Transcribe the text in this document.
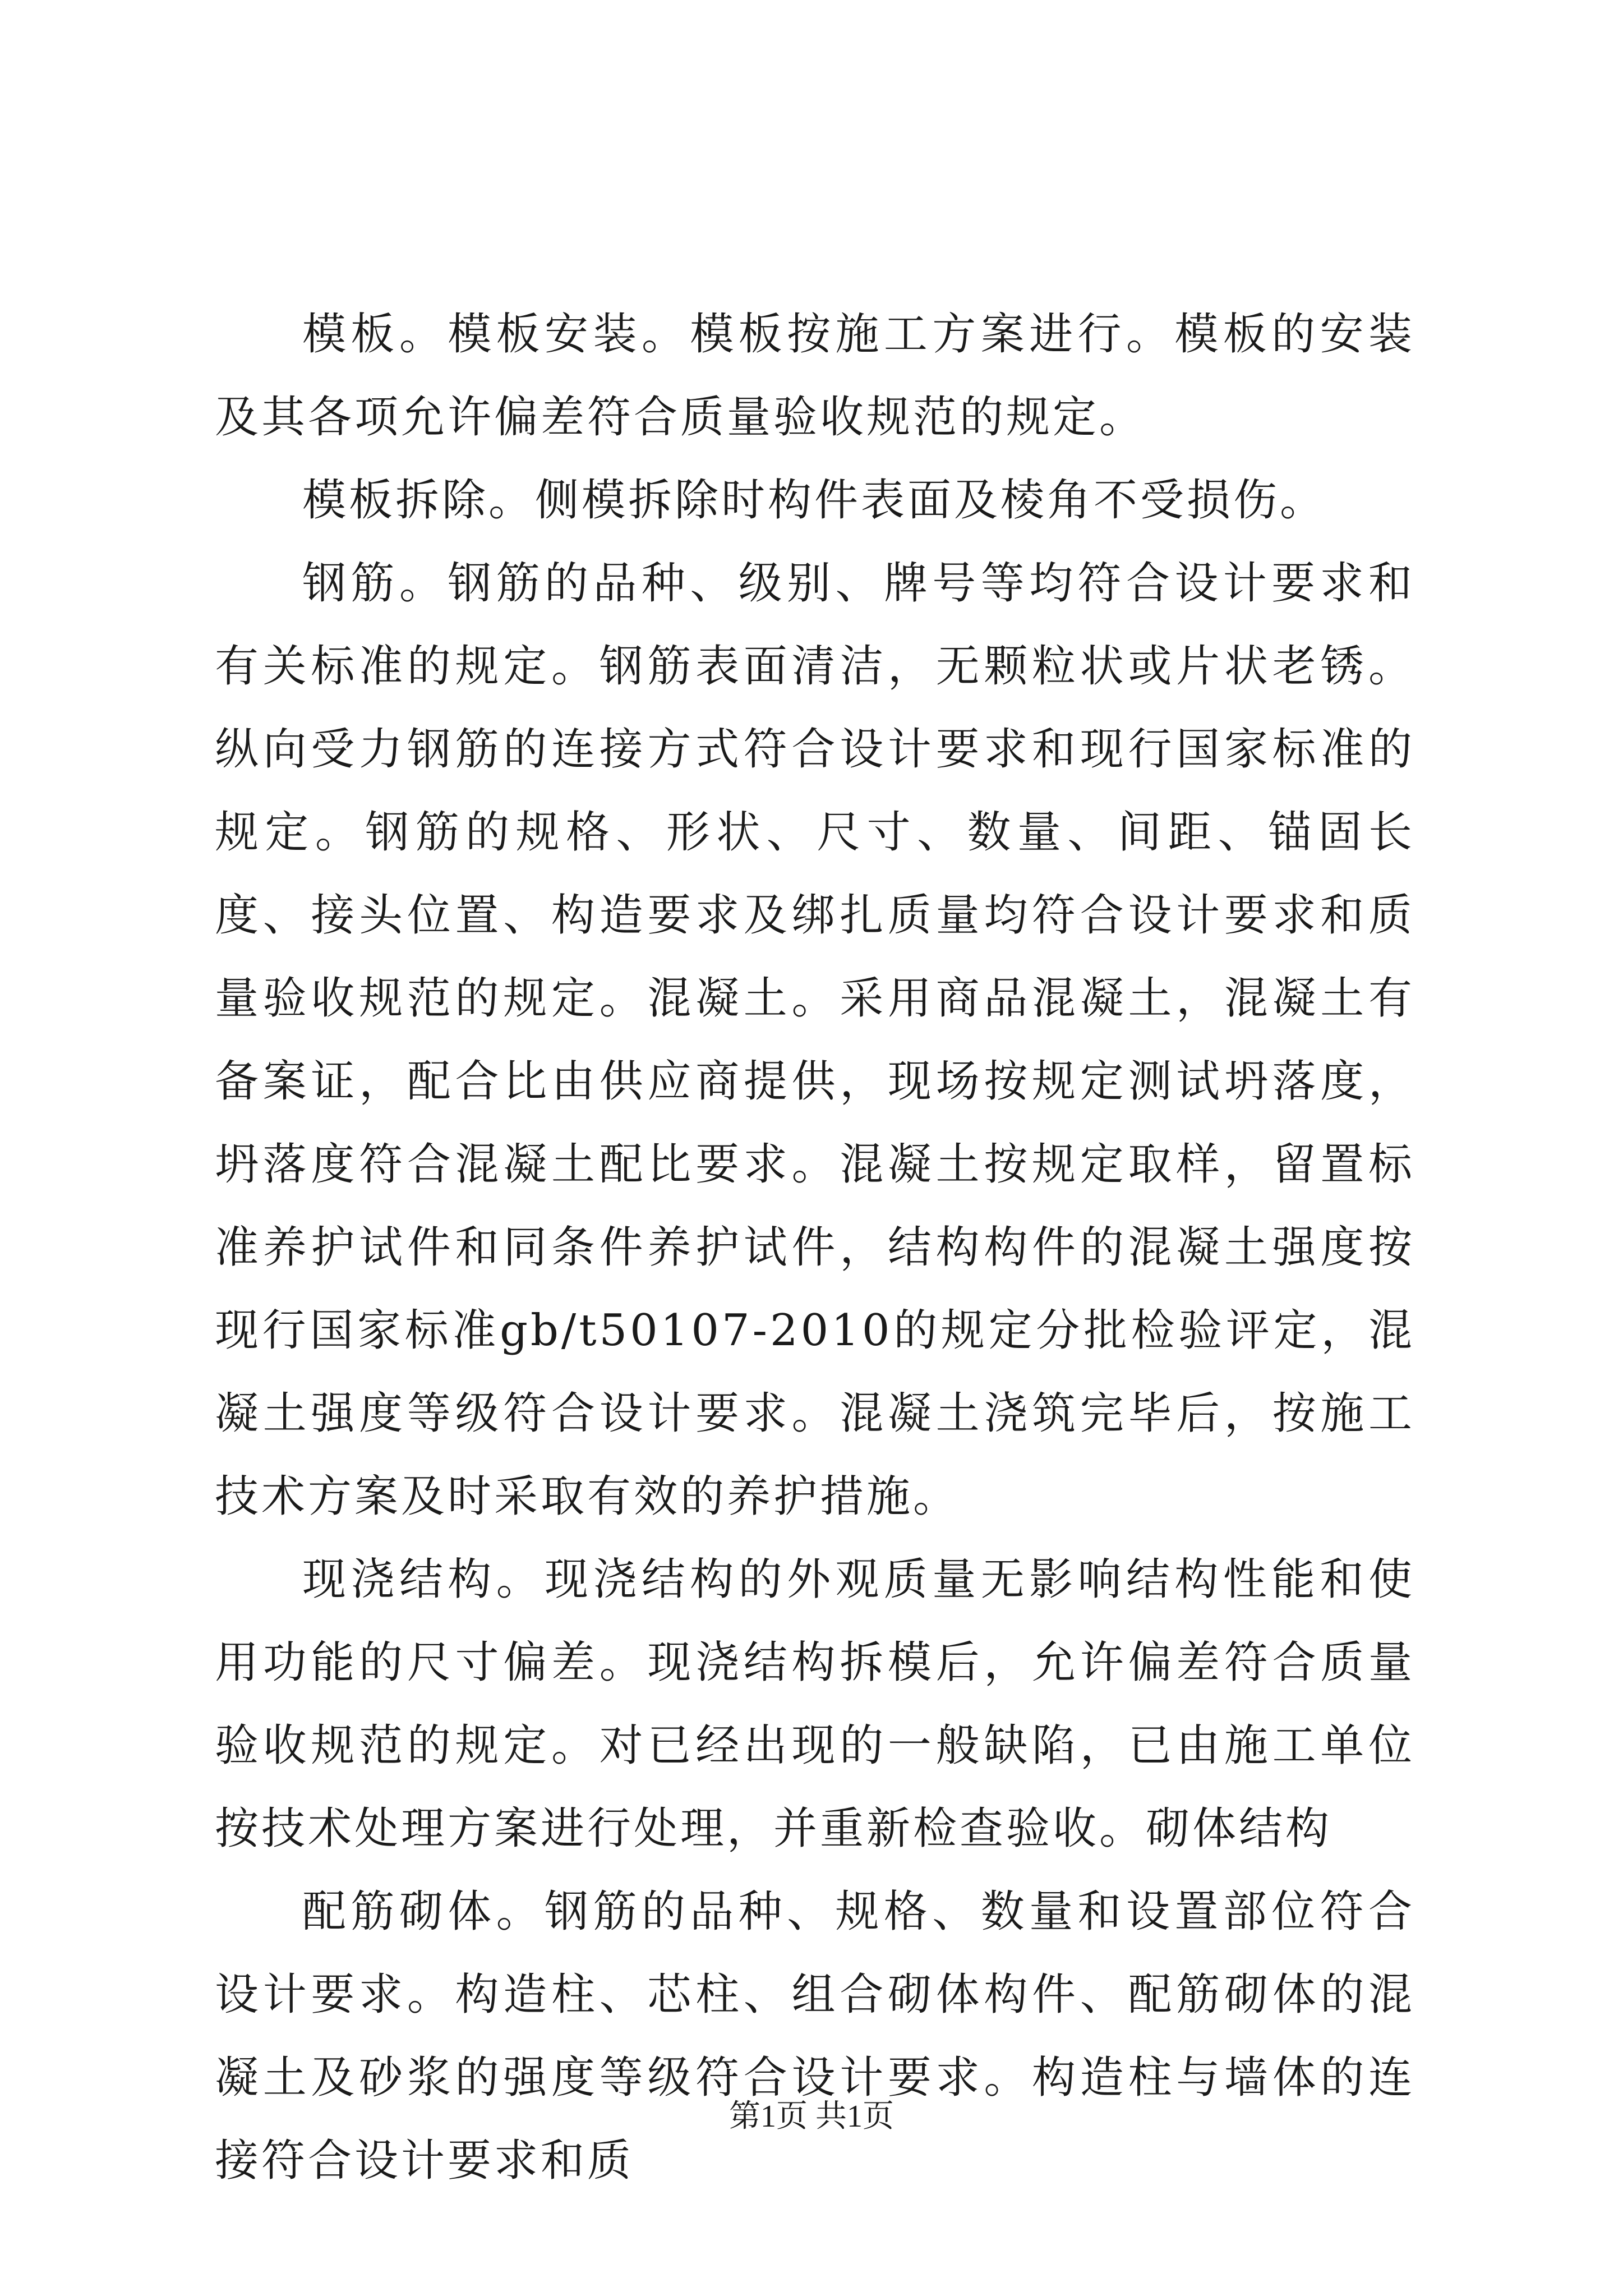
模板。模板安装。模板按施工方案进行。模板的安装及其各项允许偏差符合质量验收规范的规定。

模板拆除。侧模拆除时构件表面及棱角不受损伤。

钢筋。钢筋的品种、级别、牌号等均符合设计要求和有关标准的规定。钢筋表面清洁，无颗粒状或片状老锈。纵向受力钢筋的连接方式符合设计要求和现行国家标准的规定。钢筋的规格、形状、尺寸、数量、间距、锚固长度、接头位置、构造要求及绑扎质量均符合设计要求和质量验收规范的规定。混凝土。采用商品混凝土，混凝土有备案证，配合比由供应商提供，现场按规定测试坍落度，坍落度符合混凝土配比要求。混凝土按规定取样，留置标准养护试件和同条件养护试件，结构构件的混凝土强度按现行国家标准gb/t50107-2010的规定分批检验评定，混凝土强度等级符合设计要求。混凝土浇筑完毕后，按施工技术方案及时采取有效的养护措施。

现浇结构。现浇结构的外观质量无影响结构性能和使用功能的尺寸偏差。现浇结构拆模后，允许偏差符合质量验收规范的规定。对已经出现的一般缺陷，已由施工单位按技术处理方案进行处理，并重新检查验收。砌体结构

配筋砌体。钢筋的品种、规格、数量和设置部位符合设计要求。构造柱、芯柱、组合砌体构件、配筋砌体的混凝土及砂浆的强度等级符合设计要求。构造柱与墙体的连接符合设计要求和质

第1页 共1页
